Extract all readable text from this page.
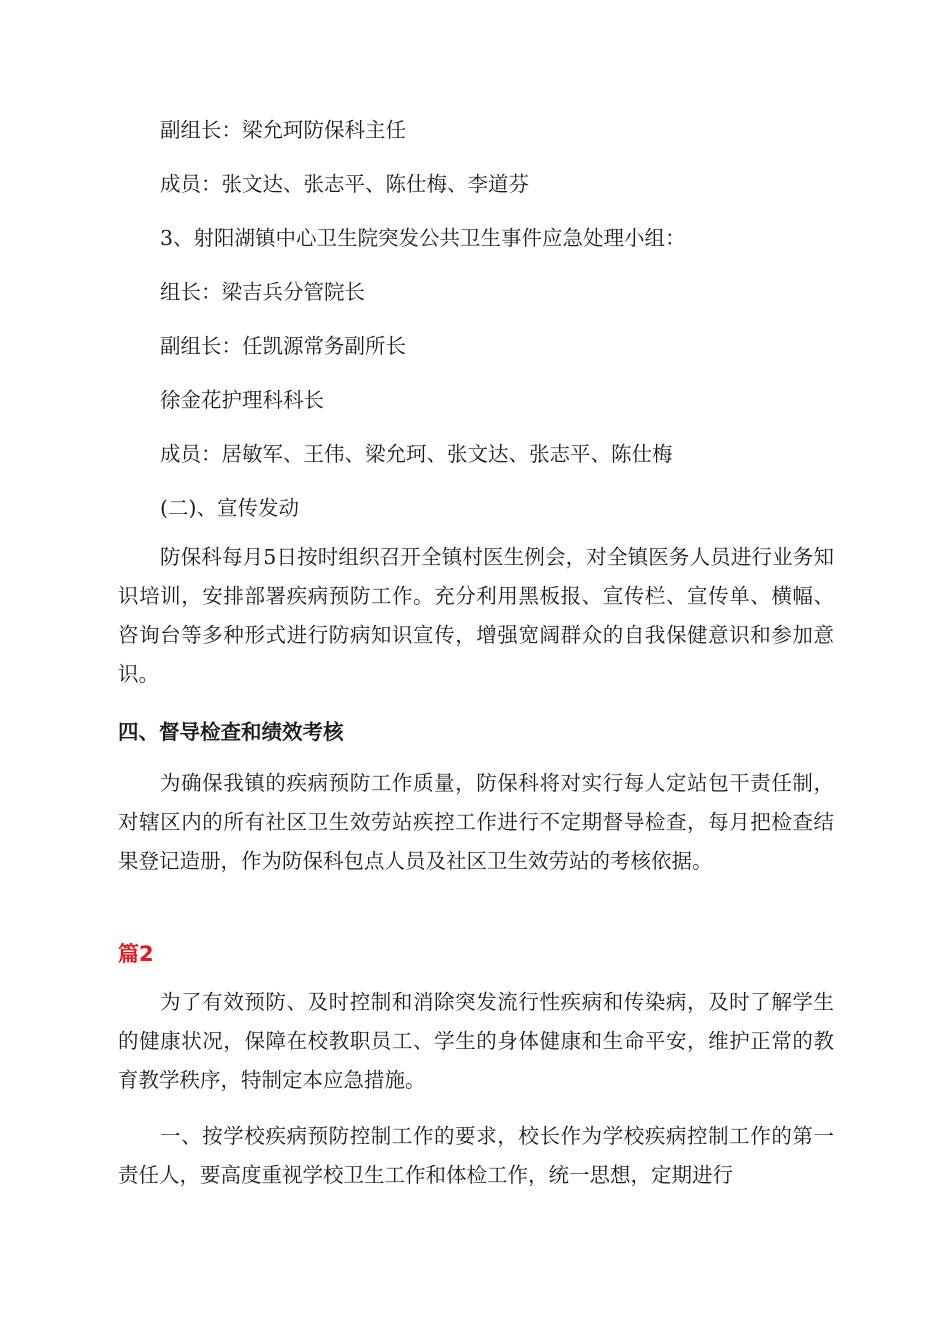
副组长：梁允珂防保科主任
成员：张文达、张志平、陈仕梅、李道芬
3、射阳湖镇中心卫生院突发公共卫生事件应急处理小组：
组长：梁吉兵分管院长
副组长：任凯源常务副所长
徐金花护理科科长
成员：居敏军、王伟、梁允珂、张文达、张志平、陈仕梅
(二)、宣传发动

防保科每月5日按时组织召开全镇村医生例会，对全镇医务人员进行业务知识培训，安排部署疾病预防工作。充分利用黑板报、宣传栏、宣传单、横幅、咨询台等多种形式进行防病知识宣传，增强宽阔群众的自我保健意识和参加意识。

四、督导检查和绩效考核

为确保我镇的疾病预防工作质量，防保科将对实行每人定站包干责任制，对辖区内的所有社区卫生效劳站疾控工作进行不定期督导检查，每月把检查结果登记造册，作为防保科包点人员及社区卫生效劳站的考核依据。

篇2

为了有效预防、及时控制和消除突发流行性疾病和传染病，及时了解学生的健康状况，保障在校教职员工、学生的身体健康和生命平安，维护正常的教育教学秩序，特制定本应急措施。

一、按学校疾病预防控制工作的要求，校长作为学校疾病控制工作的第一责任人，要高度重视学校卫生工作和体检工作，统一思想，定期进行
